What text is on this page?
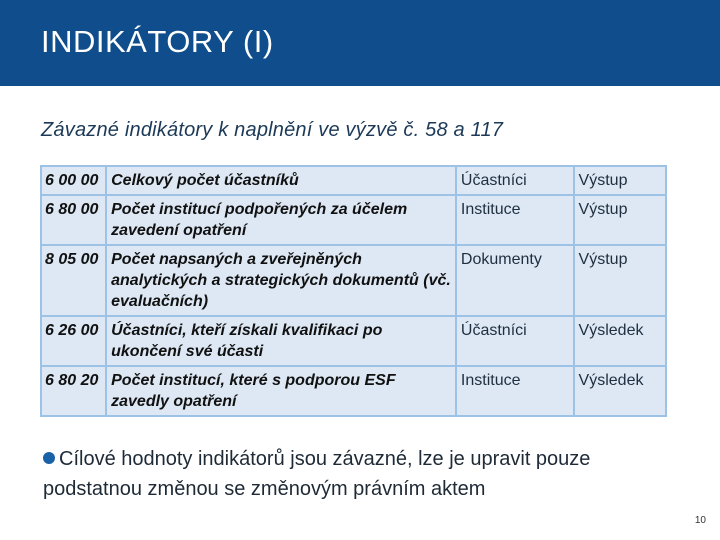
INDIKÁTORY (I)
Závazné indikátory k naplnění ve výzvě č. 58 a 117
6 00 00	Celkový počet účastníků	Účastníci	Výstup
6 80 00	Počet institucí podpořených za účelem zavedení opatření	Instituce	Výstup
8 05 00	Počet napsaných a zveřejněných analytických a strategických dokumentů (vč. evaluačních)	Dokumenty	Výstup
6 26 00	Účastníci, kteří získali kvalifikaci po ukončení své účasti	Účastníci	Výsledek
6 80 20	Počet institucí, které s podporou ESF zavedly opatření	Instituce	Výsledek
Cílové hodnoty indikátorů jsou závazné, lze je upravit pouze podstatnou změnou se změnovým právním aktem
10
